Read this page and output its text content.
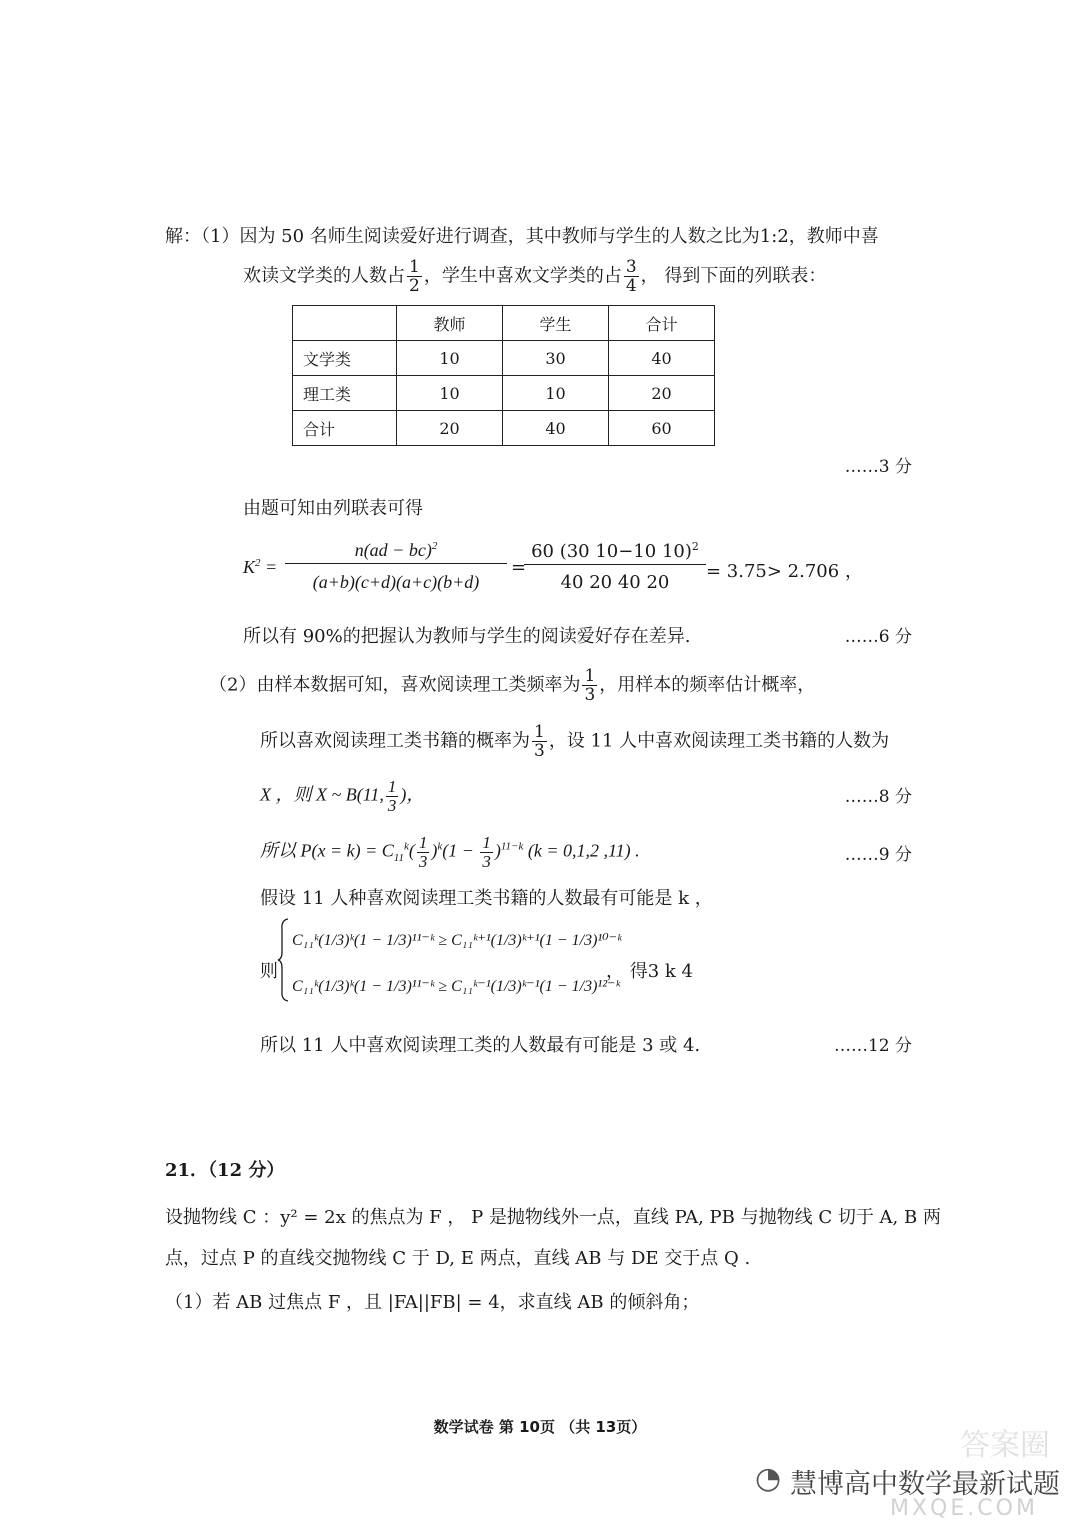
解：（1）因为 50 名师生阅读爱好进行调查，其中教师与学生的人数之比为1:2，教师中喜
欢读文学类的人数占 $\frac{1}{2}$ ，学生中喜欢文学类的占 $\frac{3}{4}$ ， 得到下面的列联表：
	教师	学生	合计
文学类	10	30	40
理工类	10	10	20
合计	20	40	60
……3 分
由题可知由列联表可得
$K^2$ =
n(ad − bc)$^2$
(a+b)(c+d)(a+c)(b+d)
=
60 (30 10−10 10)$^2$
40 20 40 20
= 3.75> 2.706 ，
所以有 90%的把握认为教师与学生的阅读爱好存在差异.	……6 分
（2）由样本数据可知，喜欢阅读理工类频率为 $\frac{1}{3}$ ，用样本的频率估计概率，
所以喜欢阅读理工类书籍的概率为 $\frac{1}{3}$ ，设 11 人中喜欢阅读理工类书籍的人数为
X ，则 X ~ B(11, $\frac{1}{3}$ )，	……8 分
所以 $P(x = k) = C_{11}^k( \frac{1}{3} )^k(1 - \frac{1}{3} )^{11-k}$ (k = 0,1,2 ,11) .	……9 分
假设 11 人种喜欢阅读理工类书籍的人数最有可能是 k ，
则
C₁₁ᵏ(1/3)ᵏ(1 − 1/3)¹¹⁻ᵏ ≥ C₁₁ᵏ⁺¹(1/3)ᵏ⁺¹(1 − 1/3)¹⁰⁻ᵏ
C₁₁ᵏ(1/3)ᵏ(1 − 1/3)¹¹⁻ᵏ ≥ C₁₁ᵏ⁻¹(1/3)ᵏ⁻¹(1 − 1/3)¹²⁻ᵏ
， 得3 k 4
所以 11 人中喜欢阅读理工类的人数最有可能是 3 或 4.	……12 分
21．（12 分）
设抛物线 C ：y² = 2x 的焦点为 F ， P 是抛物线外一点，直线 PA, PB 与抛物线 C 切于 A, B 两
点，过点 P 的直线交抛物线 C 于 D, E 两点，直线 AB 与 DE 交于点 Q .
（1）若 AB 过焦点 F ，且 |FA||FB| = 4，求直线 AB 的倾斜角；
数学试卷 第 10页 （共 13页）
◔ 慧博高中数学最新试题
MXQE.COM
答案圈
